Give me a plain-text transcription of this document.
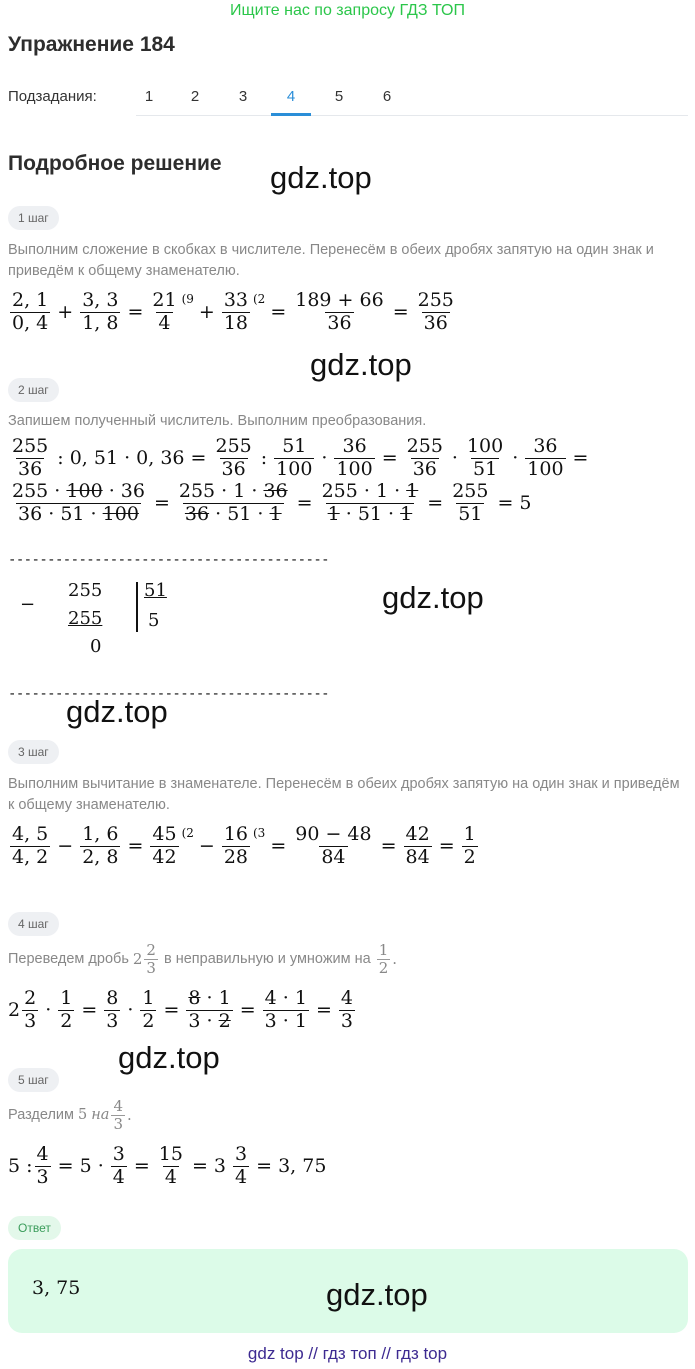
Ищите нас по запросу ГДЗ ТОП
Упражнение 184
Подзадания:	1	2	3	4	5	6
Подробное решение gdz.top
1 шаг
Выполним сложение в скобках в числителе. Перенесём в обеих дробях запятую на один знак и приведём к общему знаменателю.
$\frac{2, 1}{0, 4} + \frac{3, 3}{1, 8} = \frac{21}{4} (9$
+ $\frac{33}{18} (2$
= $\frac{189 + 66}{36} = \frac{255}{36}$
gdz.top
2 шаг
Запишем полученный числитель. Выполним преобразования.
$\frac{255}{36}$ : 0, 51 · 0, $36 = \frac{255}{36}$ : $\frac{51}{100} \cdot \frac{36}{100} = \frac{255}{36} \cdot \frac{100}{51} \cdot \frac{36}{100}$ =
$\frac{255 \cdot 100 \cdot 36}{36 \cdot 51 \cdot 100} = \frac{255 \cdot 1 \cdot 36}{36 \cdot 51 \cdot 1} = \frac{255 \cdot 1 \cdot 1}{1 \cdot 51 \cdot 1} = \frac{255}{51} = 5$
-----------------------------------------
−
255
255
0
51
5
gdz.top
-----------------------------------------
gdz.top
3 шаг
Выполним вычитание в знаменателе. Перенесём в обеих дробях запятую на один знак и приведём к общему знаменателю.
$\frac{4, 5}{4, 2} - \frac{1, 6}{2, 8} = \frac{45}{42} (2$
− $\frac{16}{28} (3$
= $\frac{90 - 48}{84} = \frac{42}{84} = \frac{1}{2}$
4 шаг
Переведем дробь $2 \frac{2}{3}$ в неправильную и умножим на $\frac{1}{2}$ .
$2 \frac{2}{3} \cdot \frac{1}{2} = \frac{8}{3} \cdot \frac{1}{2} = \frac{8 \cdot 1}{3 \cdot 2} = \frac{4 \cdot 1}{3 \cdot 1} = \frac{4}{3}$
gdz.top
5 шаг
Разделим 5 на $\frac{4}{3}$ .
5 : $\frac{4}{3} = 5 \cdot \frac{3}{4} = \frac{15}{4} = 3 \frac{3}{4} = 3$, 75
Ответ
3, 75	gdz.top
gdz top // гдз топ // гдз top
